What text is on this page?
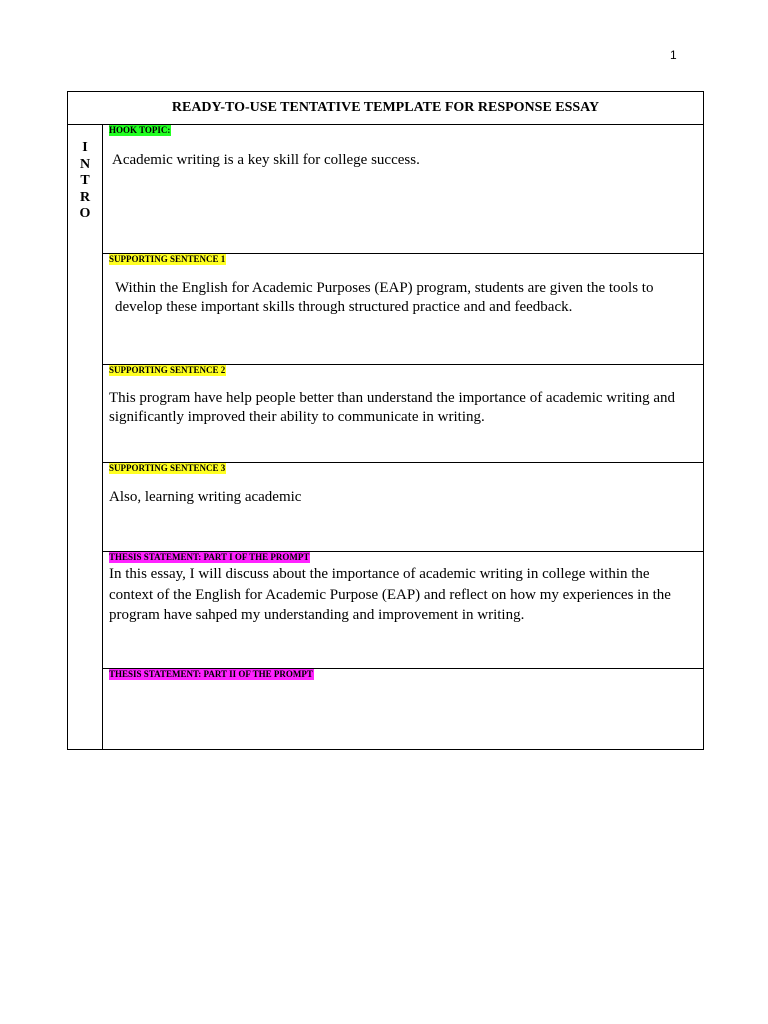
1
READY-TO-USE TENTATIVE TEMPLATE FOR RESPONSE ESSAY
I
N
T
R
O
HOOK TOPIC:
Academic writing is a key skill for college success.
SUPPORTING SENTENCE 1
Within the English for Academic Purposes (EAP) program, students are given the tools to develop these important skills through structured practice and and feedback.
SUPPORTING SENTENCE 2
This program have help people better than understand the importance of academic writing and significantly improved their ability to communicate in writing.
SUPPORTING SENTENCE 3
Also, learning writing academic
THESIS STATEMENT: PART I OF THE PROMPT
In this essay, I will discuss about the importance of academic writing in college within the context of the English for Academic Purpose (EAP) and reflect on how my experiences in the program have sahped my understanding and improvement in writing.
THESIS STATEMENT: PART II OF THE PROMPT
